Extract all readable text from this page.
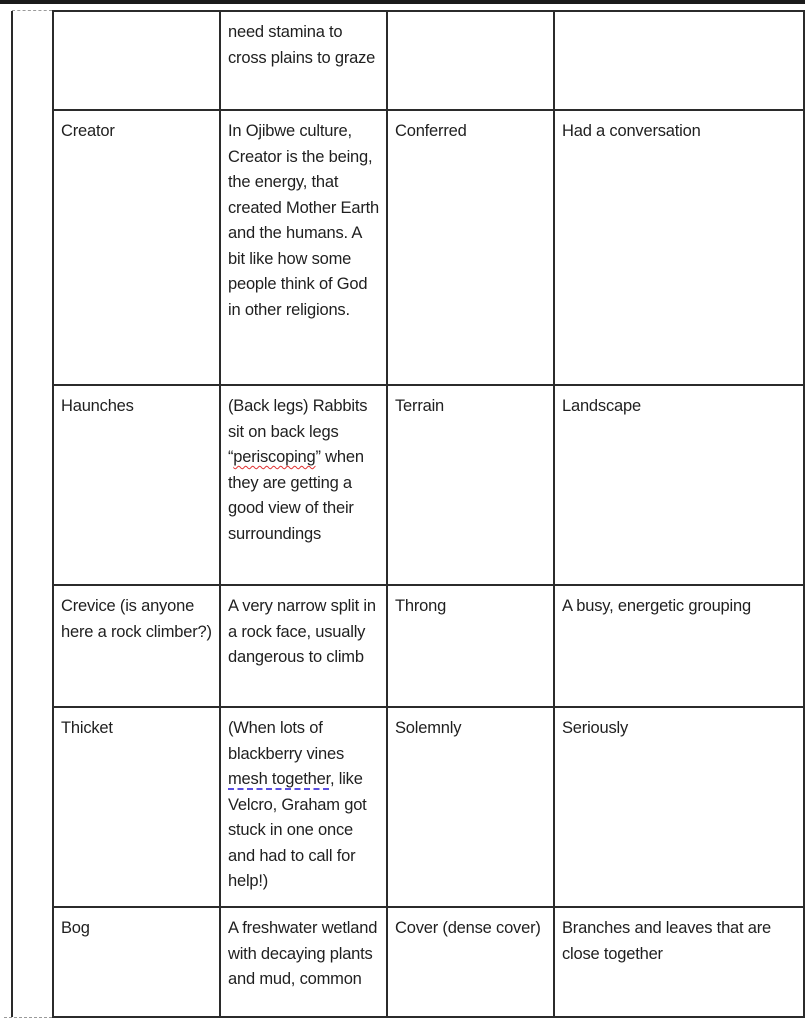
	need stamina to cross plains to graze		
Creator	In Ojibwe culture, Creator is the being, the energy, that created Mother Earth and the humans. A bit like how some people think of God in other religions.	Conferred	Had a conversation
Haunches	(Back legs) Rabbits sit on back legs “periscoping” when they are getting a good view of their surroundings	Terrain	Landscape
Crevice (is anyone here a rock climber?)	A very narrow split in a rock face, usually dangerous to climb	Throng	A busy, energetic grouping
Thicket	(When lots of blackberry vines mesh together, like Velcro, Graham got stuck in one once and had to call for help!)	Solemnly	Seriously
Bog	A freshwater wetland with decaying plants and mud, common	Cover (dense cover)	Branches and leaves that are close together
